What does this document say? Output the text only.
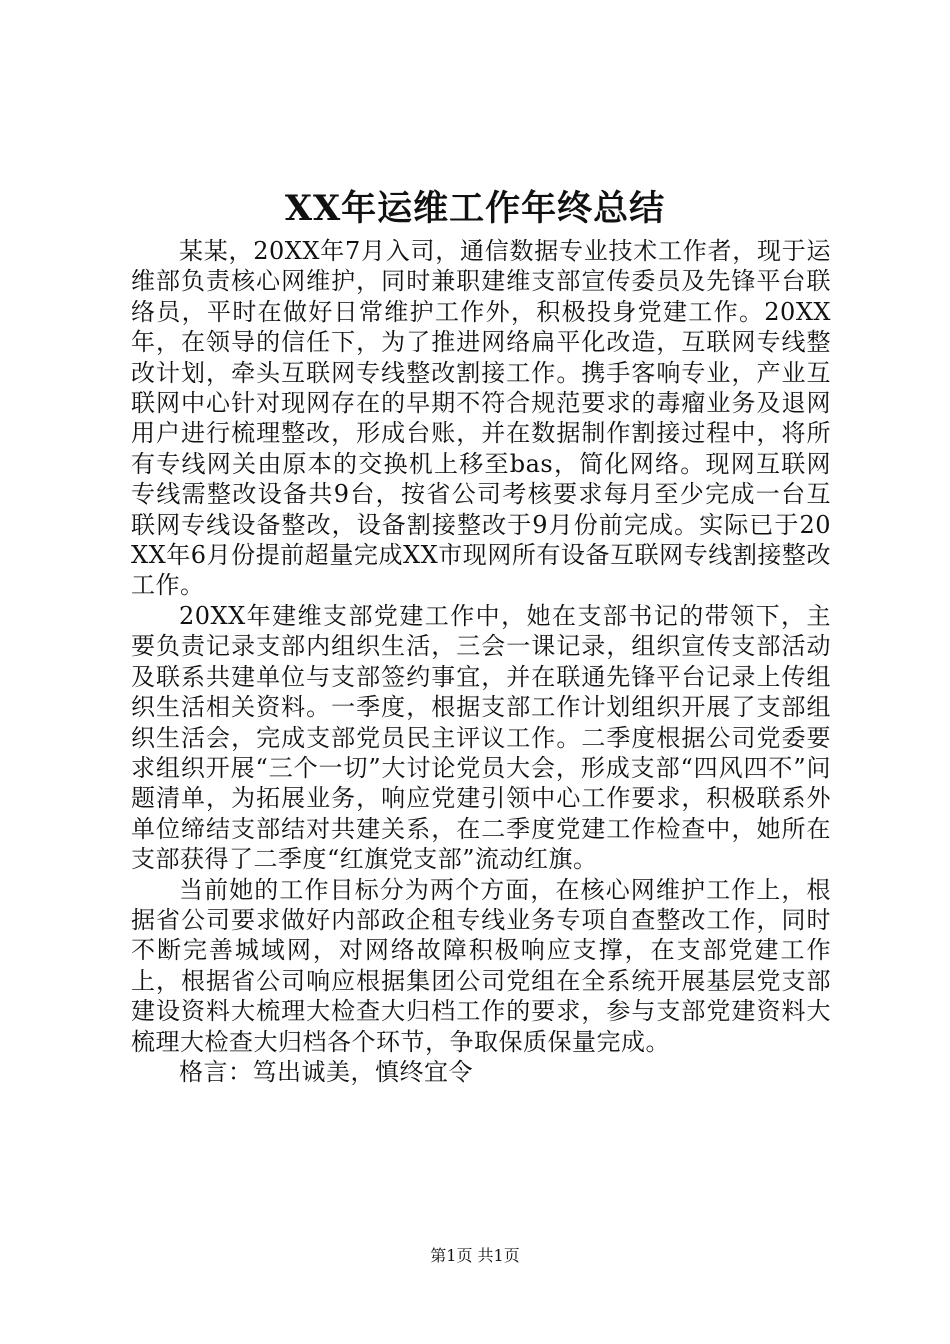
XX年运维工作年终总结

某某，20XX年7月入司，通信数据专业技术工作者，现于运维部负责核心网维护，同时兼职建维支部宣传委员及先锋平台联络员，平时在做好日常维护工作外，积极投身党建工作。20XX年，在领导的信任下，为了推进网络扁平化改造，互联网专线整改计划，牵头互联网专线整改割接工作。携手客响专业，产业互联网中心针对现网存在的早期不符合规范要求的毒瘤业务及退网用户进行梳理整改，形成台账，并在数据制作割接过程中，将所有专线网关由原本的交换机上移至bas，简化网络。现网互联网专线需整改设备共9台，按省公司考核要求每月至少完成一台互联网专线设备整改，设备割接整改于9月份前完成。实际已于20XX年6月份提前超量完成XX市现网所有设备互联网专线割接整改工作。

20XX年建维支部党建工作中，她在支部书记的带领下，主要负责记录支部内组织生活，三会一课记录，组织宣传支部活动及联系共建单位与支部签约事宜，并在联通先锋平台记录上传组织生活相关资料。一季度，根据支部工作计划组织开展了支部组织生活会，完成支部党员民主评议工作。二季度根据公司党委要求组织开展“三个一切”大讨论党员大会，形成支部“四风四不”问题清单，为拓展业务，响应党建引领中心工作要求，积极联系外单位缔结支部结对共建关系，在二季度党建工作检查中，她所在支部获得了二季度“红旗党支部”流动红旗。

当前她的工作目标分为两个方面，在核心网维护工作上，根据省公司要求做好内部政企租专线业务专项自查整改工作，同时不断完善城域网，对网络故障积极响应支撑，在支部党建工作上，根据省公司响应根据集团公司党组在全系统开展基层党支部建设资料大梳理大检查大归档工作的要求，参与支部党建资料大梳理大检查大归档各个环节，争取保质保量完成。

格言：笃出诚美，慎终宜令

第1页 共1页
